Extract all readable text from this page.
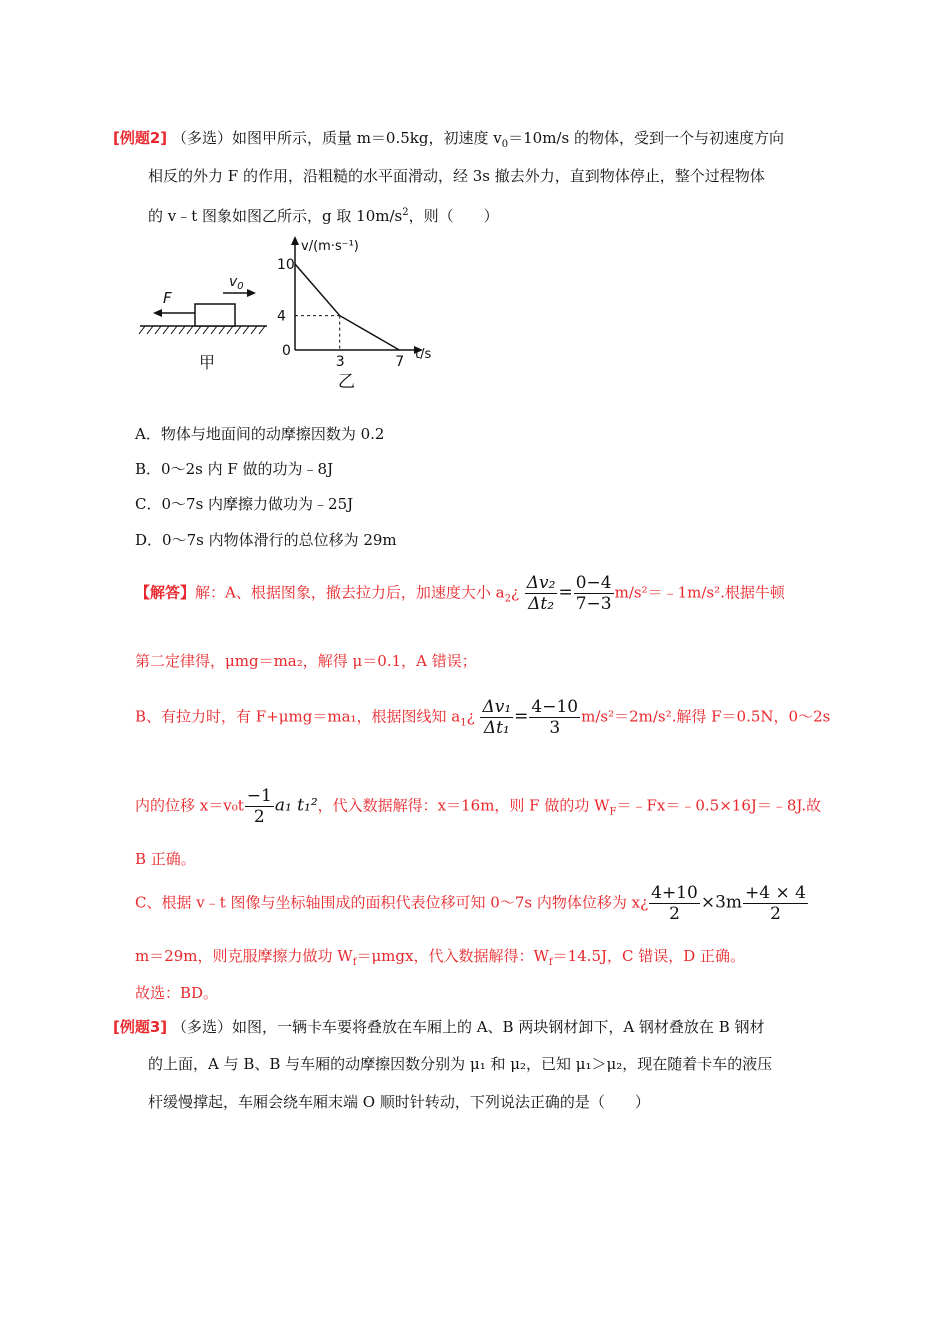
[例题2] （多选）如图甲所示，质量 m＝0.5kg，初速度 $v_0=10m/s$ 的物体，受到一个与初速度方向
相反的外力 F 的作用，沿粗糙的水平面滑动，经 3s 撤去外力，直到物体停止，整个过程物体
的 v﹣t 图象如图乙所示，g 取 $10m/s^2$，则（　　）
F
$v_0$
甲
v/(m·s⁻¹)
t/s
0
乙
10
4
3	7
A．物体与地面间的动摩擦因数为 0.2
B．0～2s 内 F 做的功为﹣8J
C．0～7s 内摩擦力做功为﹣25J
D．0～7s 内物体滑行的总位移为 29m
【解答】解：A、根据图象，撤去拉力后，加速度大小 $a_2¿ \frac{\text{Δv₂}}{\text{Δt₂}} = \frac{0-4}{7-3}$ m/s²＝﹣1m/s².根据牛顿
第二定律得，μmg＝ma₂，解得 μ＝0.1，A 错误；
B、有拉力时，有 F+μmg＝ma₁，根据图线知 $a_1¿ \frac{\text{Δv₁}}{\text{Δt₁}} = \frac{4-10}{3} m/s^2=2m/s^2$.解得 F＝0.5N，0～2s
内的位移 $x=v_0t \frac{-1}{2} a_1$ t₁²，代入数据解得：x＝16m，则 F 做的功 $W_F=﹣Fx=﹣0.5\times 16J=﹣8J$.故
B 正确。
C、根据 v﹣t 图像与坐标轴围成的面积代表位移可知 0～7s 内物体位移为 x¿ $\frac{4+10}{2} \times 3m \frac{+4 \times 4}{2}$
m＝29m，则克服摩擦力做功 $W_f=\mu mgx$，代入数据解得：$W_f=14.5J$，C 错误，D 正确。
故选：BD。
[例题3] （多选）如图，一辆卡车要将叠放在车厢上的 A、B 两块钢材卸下，A 钢材叠放在 B 钢材
的上面，A 与 B、B 与车厢的动摩擦因数分别为 μ₁ 和 μ₂，已知 μ₁＞μ₂，现在随着卡车的液压
杆缓慢撑起，车厢会绕车厢末端 O 顺时针转动，下列说法正确的是（　　）
